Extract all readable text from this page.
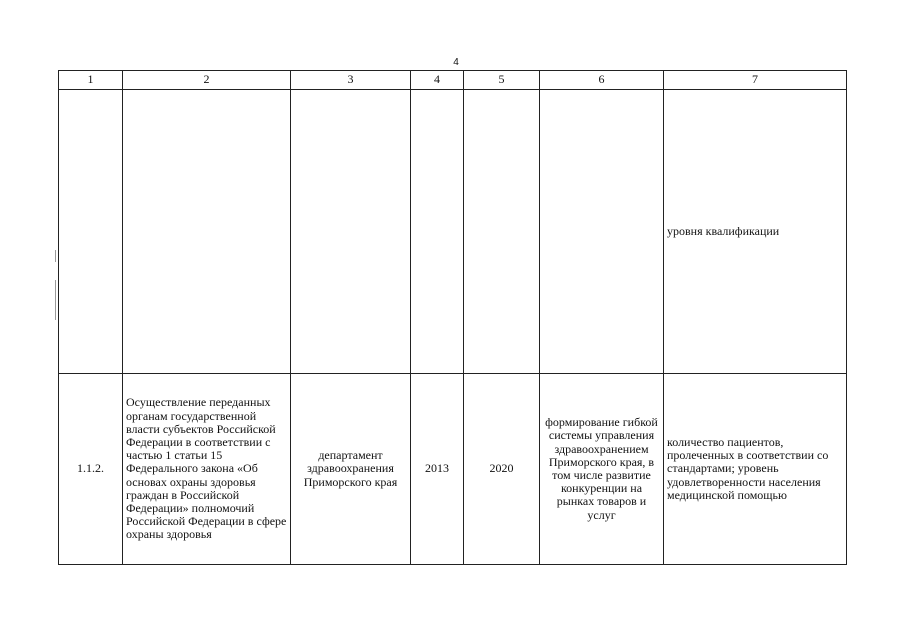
4
1	2	3	4	5	6	7
						уровня квалификации
1.1.2.	Осуществление переданных органам государственной власти субъектов Российской Федерации в соответствии с частью 1 статьи 15 Федерального закона «Об основах охраны здоровья граждан в Российской Федерации» полномочий Российской Федерации в сфере охраны здоровья	департамент здравоохранения Приморского края	2013	2020	формирование гибкой системы управления здравоохранением Приморского края, в том числе развитие конкуренции на рынках товаров и услуг	количество пациентов, пролеченных в соответствии со стандартами; уровень удовлетворенности населения медицинской помощью
